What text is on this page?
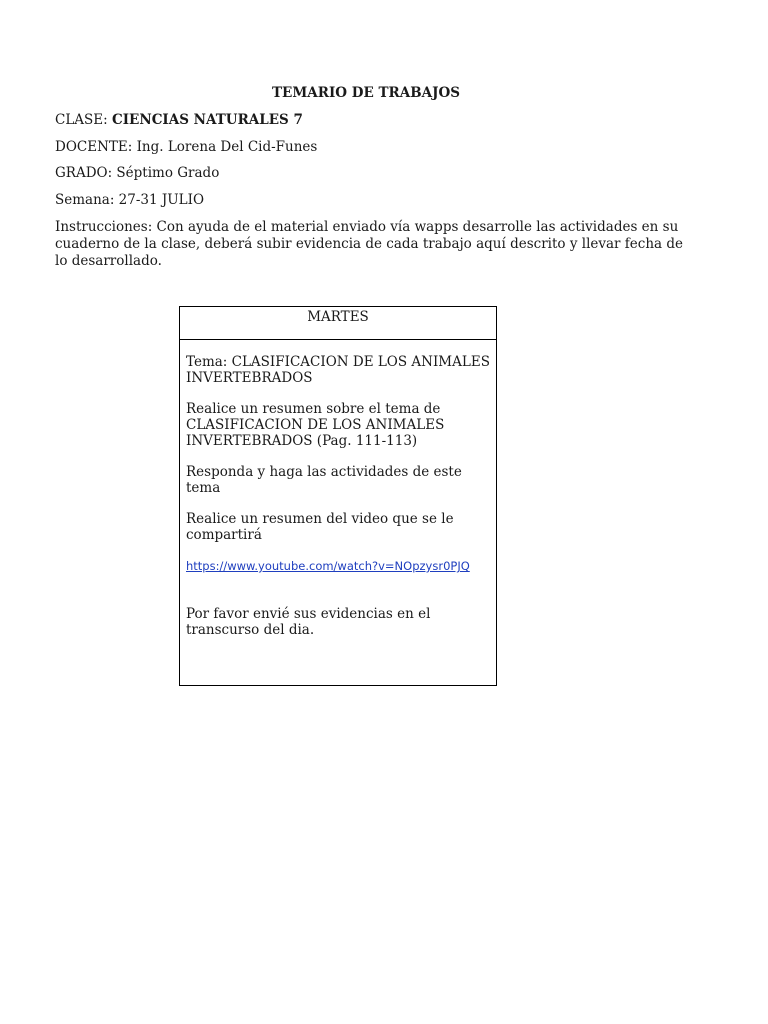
TEMARIO DE TRABAJOS
CLASE: CIENCIAS NATURALES 7
DOCENTE: Ing. Lorena Del Cid-Funes
GRADO: Séptimo Grado
Semana: 27-31 JULIO
Instrucciones: Con ayuda de el material enviado vía wapps desarrolle las actividades en su cuaderno de la clase, deberá subir evidencia de cada trabajo aquí descrito y llevar fecha de lo desarrollado.
MARTES

Tema: CLASIFICACION DE LOS ANIMALES INVERTEBRADOS

Realice un resumen sobre el tema de CLASIFICACION DE LOS ANIMALES INVERTEBRADOS (Pag. 111-113)

Responda y haga las actividades de este tema

Realice un resumen del video que se le compartirá

https://www.youtube.com/watch?v=NOpzysr0PJQ

Por favor envié sus evidencias en el transcurso del dia.
